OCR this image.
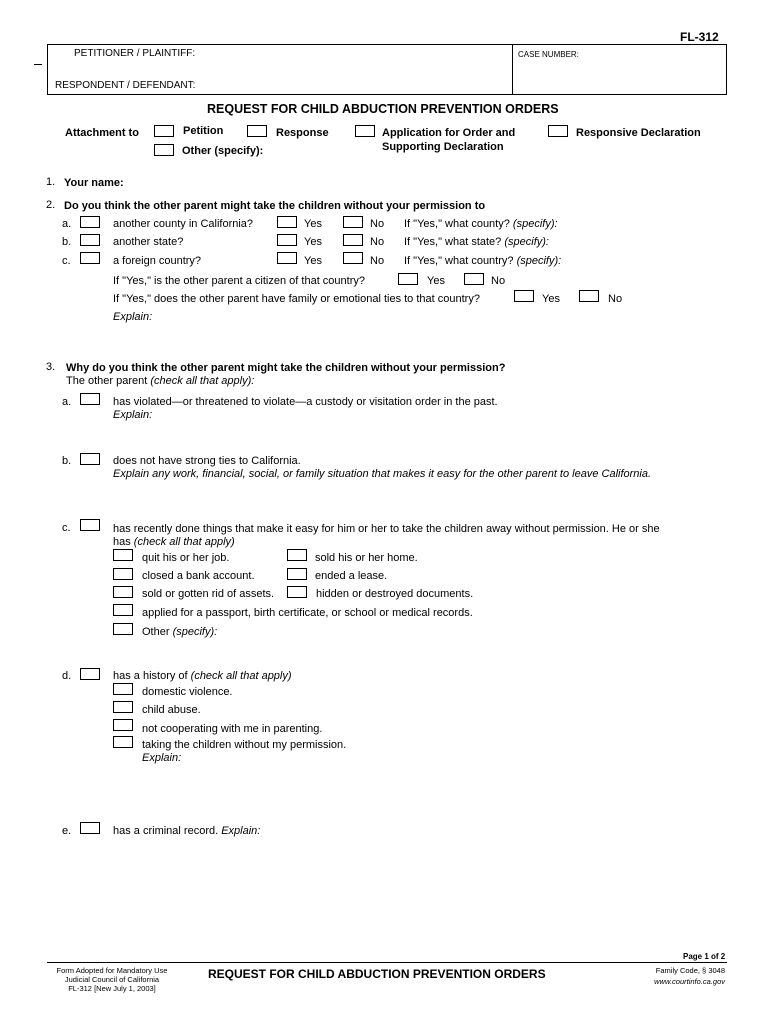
FL-312
PETITIONER / PLAINTIFF:
RESPONDENT / DEFENDANT:
CASE NUMBER:
REQUEST FOR CHILD ABDUCTION PREVENTION ORDERS
Attachment to	Petition	Response	Application for Order and
Supporting Declaration
Responsive Declaration
Other (specify):
1. Your name:
2. Do you think the other parent might take the children without your permission to
a.	another county in California?	Yes	No If "Yes," what county? (specify):
b.	another state?	Yes	No If "Yes," what state? (specify):
c.	a foreign country?	Yes	No If "Yes," what country? (specify):
If "Yes," is the other parent a citizen of that country?	Yes	No
If "Yes," does the other parent have family or emotional ties to that country?	Yes	No
Explain:
3. Why do you think the other parent might take the children without your permission?
The other parent (check all that apply):
a.	has violated—or threatened to violate—a custody or visitation order in the past.
Explain:
b.	does not have strong ties to California.
Explain any work, financial, social, or family situation that makes it easy for the other parent to leave California.
c.	has recently done things that make it easy for him or her to take the children away without permission. He or she
has (check all that apply)
quit his or her job.	sold his or her home.
closed a bank account.	ended a lease.
sold or gotten rid of assets.	hidden or destroyed documents.
applied for a passport, birth certificate, or school or medical records.
Other (specify):
d.	has a history of (check all that apply)
domestic violence.
child abuse.
not cooperating with me in parenting.
taking the children without my permission.
Explain:
e.	has a criminal record. Explain:
Page 1 of 2
Form Adopted for Mandatory Use
Judicial Council of California
FL-312 [New July 1, 2003]
REQUEST FOR CHILD ABDUCTION PREVENTION ORDERS	Family Code, § 3048
www.courtinfo.ca.gov
